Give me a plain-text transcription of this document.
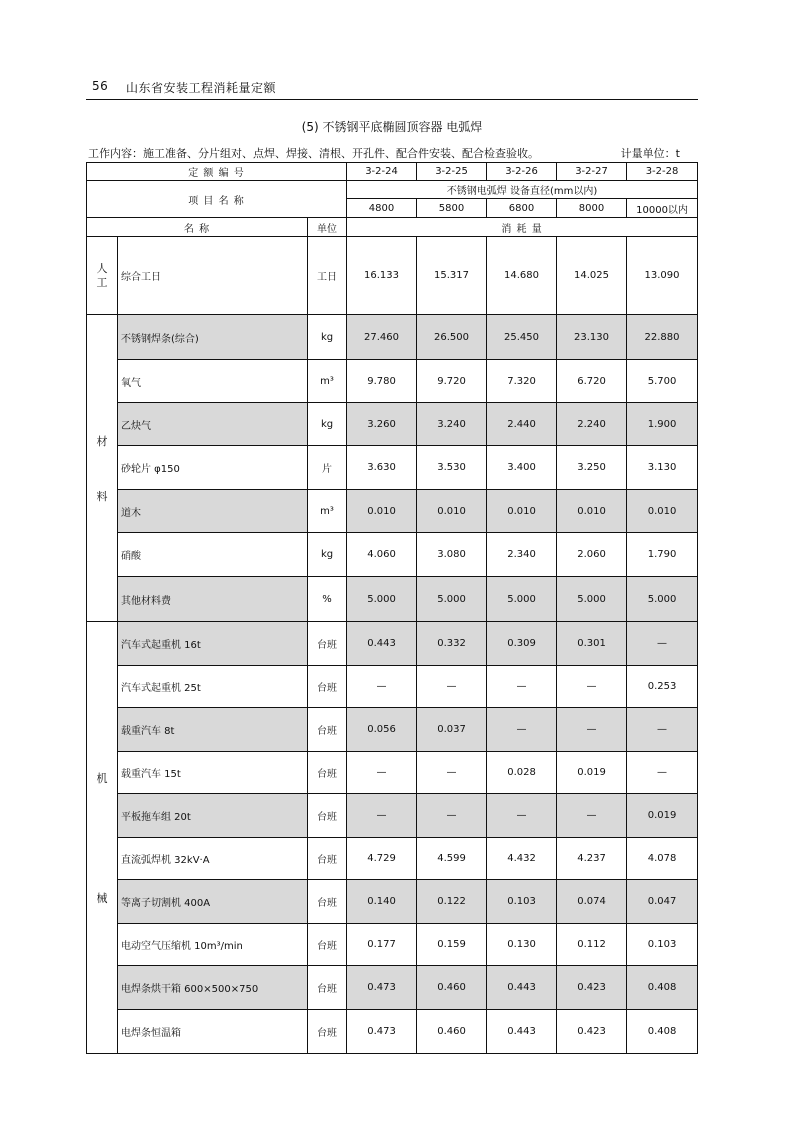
56 山东省安装工程消耗量定额
(5) 不锈钢平底椭圆顶容器 电弧焊
工作内容：施工准备、分片组对、点焊、焊接、清根、开孔件、配合件安装、配合检查验收。	计量单位：t
定 额 编 号			3-2-24	3-2-25	3-2-26	3-2-27	3-2-28
项 目 名 称			不锈钢电弧焊 设备直径(mm以内)				
			4800	5800	6800	8000	10000以内
名 称		单位	消 耗 量				
人工	综合工日	工日	16.133	15.317	14.680	14.025	13.090
材

料	不锈钢焊条(综合)	kg	27.460	26.500	25.450	23.130	22.880
	氧气	m³	9.780	9.720	7.320	6.720	5.700
	乙炔气	kg	3.260	3.240	2.440	2.240	1.900
	砂轮片 φ150	片	3.630	3.530	3.400	3.250	3.130
	道木	m³	0.010	0.010	0.010	0.010	0.010
	硝酸	kg	4.060	3.080	2.340	2.060	1.790
	其他材料费	%	5.000	5.000	5.000	5.000	5.000
机

械	汽车式起重机 16t	台班	0.443	0.332	0.309	0.301	—
	汽车式起重机 25t	台班	—	—	—	—	0.253
	载重汽车 8t	台班	0.056	0.037	—	—	—
	载重汽车 15t	台班	—	—	0.028	0.019	—
	平板拖车组 20t	台班	—	—	—	—	0.019
	直流弧焊机 32kV·A	台班	4.729	4.599	4.432	4.237	4.078
	等离子切割机 400A	台班	0.140	0.122	0.103	0.074	0.047
	电动空气压缩机 10m³/min	台班	0.177	0.159	0.130	0.112	0.103
	电焊条烘干箱 600×500×750	台班	0.473	0.460	0.443	0.423	0.408
	电焊条恒温箱	台班	0.473	0.460	0.443	0.423	0.408
